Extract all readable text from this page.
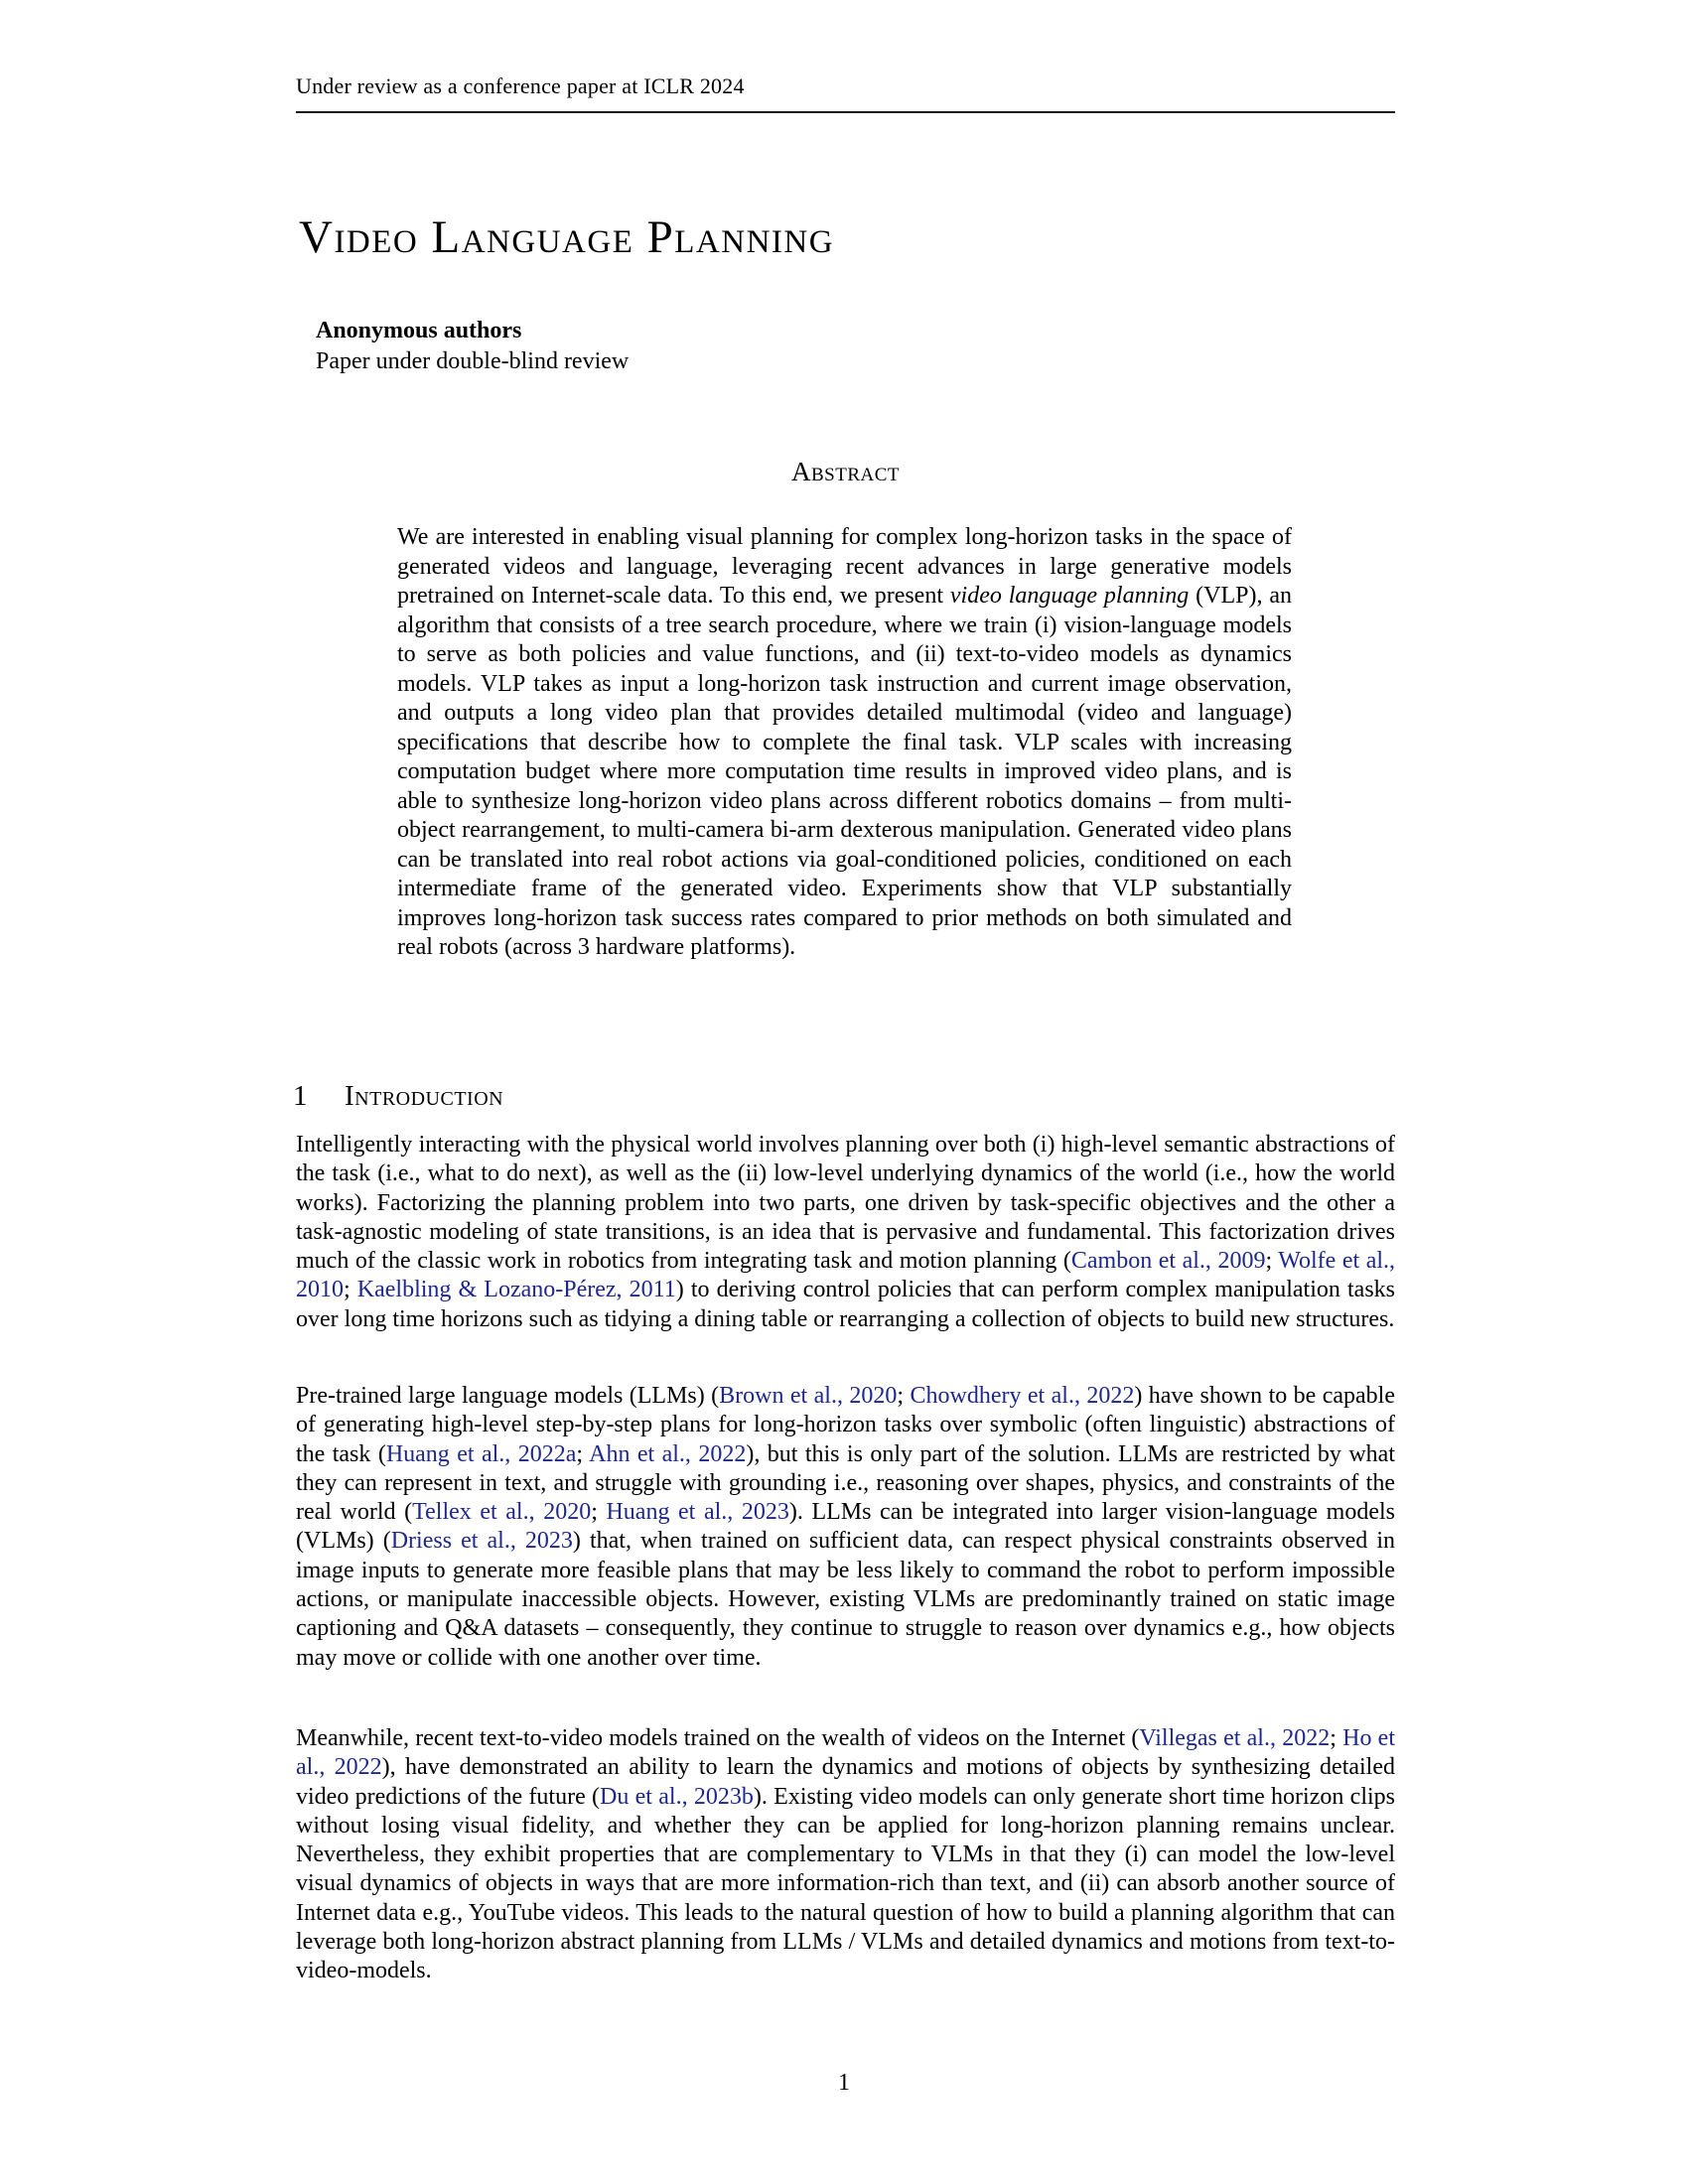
Under review as a conference paper at ICLR 2024
Video Language Planning
Anonymous authors
Paper under double-blind review
Abstract
We are interested in enabling visual planning for complex long-horizon tasks in the space of generated videos and language, leveraging recent advances in large generative models pretrained on Internet-scale data. To this end, we present video language planning (VLP), an algorithm that consists of a tree search procedure, where we train (i) vision-language models to serve as both policies and value functions, and (ii) text-to-video models as dynamics models. VLP takes as input a long-horizon task instruction and current image observation, and outputs a long video plan that provides detailed multimodal (video and language) specifications that describe how to complete the final task. VLP scales with increasing computation budget where more computation time results in improved video plans, and is able to synthesize long-horizon video plans across different robotics domains – from multi-object rearrangement, to multi-camera bi-arm dexterous manipulation. Generated video plans can be translated into real robot actions via goal-conditioned policies, conditioned on each intermediate frame of the generated video. Experiments show that VLP substantially improves long-horizon task success rates compared to prior methods on both simulated and real robots (across 3 hardware platforms).
1 Introduction
Intelligently interacting with the physical world involves planning over both (i) high-level semantic abstractions of the task (i.e., what to do next), as well as the (ii) low-level underlying dynamics of the world (i.e., how the world works). Factorizing the planning problem into two parts, one driven by task-specific objectives and the other a task-agnostic modeling of state transitions, is an idea that is pervasive and fundamental. This factorization drives much of the classic work in robotics from integrating task and motion planning (Cambon et al., 2009; Wolfe et al., 2010; Kaelbling & Lozano-Pérez, 2011) to deriving control policies that can perform complex manipulation tasks over long time horizons such as tidying a dining table or rearranging a collection of objects to build new structures.
Pre-trained large language models (LLMs) (Brown et al., 2020; Chowdhery et al., 2022) have shown to be capable of generating high-level step-by-step plans for long-horizon tasks over symbolic (often linguistic) abstractions of the task (Huang et al., 2022a; Ahn et al., 2022), but this is only part of the solution. LLMs are restricted by what they can represent in text, and struggle with grounding i.e., reasoning over shapes, physics, and constraints of the real world (Tellex et al., 2020; Huang et al., 2023). LLMs can be integrated into larger vision-language models (VLMs) (Driess et al., 2023) that, when trained on sufficient data, can respect physical constraints observed in image inputs to generate more feasible plans that may be less likely to command the robot to perform impossible actions, or manipulate inaccessible objects. However, existing VLMs are predominantly trained on static image captioning and Q&A datasets – consequently, they continue to struggle to reason over dynamics e.g., how objects may move or collide with one another over time.
Meanwhile, recent text-to-video models trained on the wealth of videos on the Internet (Villegas et al., 2022; Ho et al., 2022), have demonstrated an ability to learn the dynamics and motions of objects by synthesizing detailed video predictions of the future (Du et al., 2023b). Existing video models can only generate short time horizon clips without losing visual fidelity, and whether they can be applied for long-horizon planning remains unclear. Nevertheless, they exhibit properties that are complementary to VLMs in that they (i) can model the low-level visual dynamics of objects in ways that are more information-rich than text, and (ii) can absorb another source of Internet data e.g., YouTube videos. This leads to the natural question of how to build a planning algorithm that can leverage both long-horizon abstract planning from LLMs / VLMs and detailed dynamics and motions from text-to-video-models.
1
